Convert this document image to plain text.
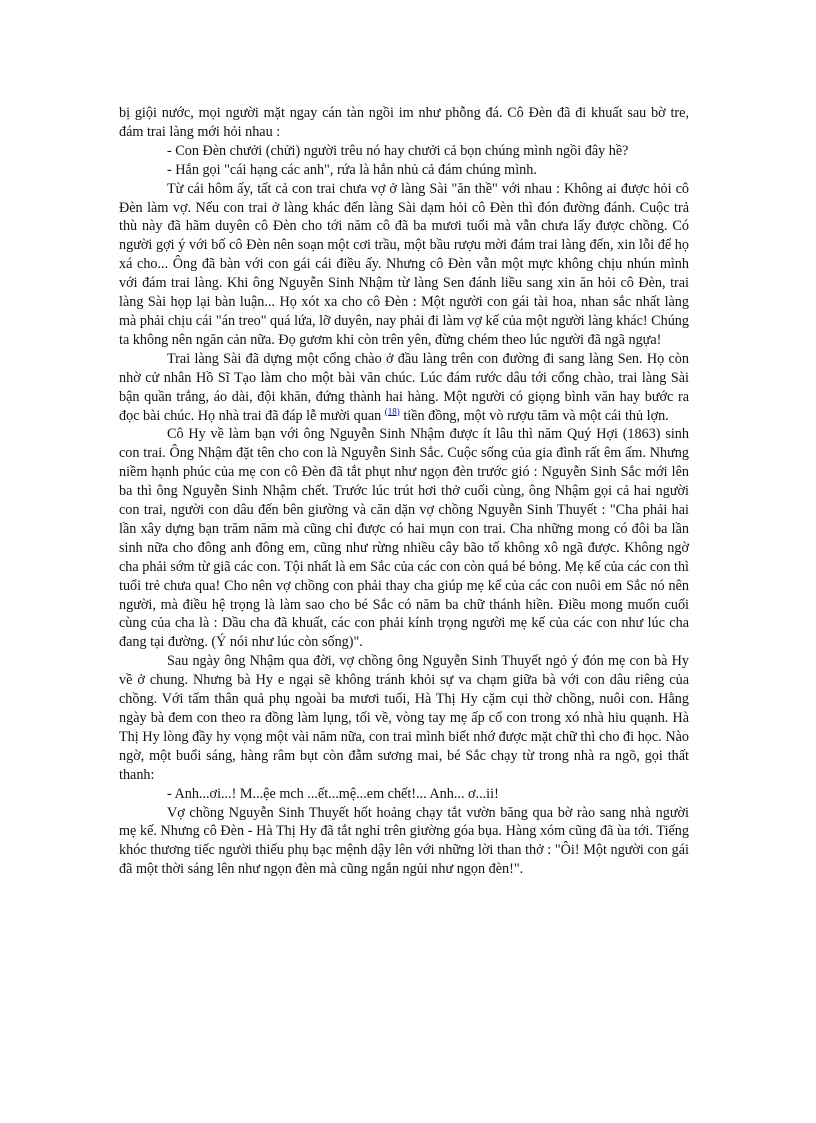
bị giội nước, mọi người mặt ngay cán tàn ngồi im như phỗng đá. Cô Đèn đã đi khuất sau bờ tre, đám trai làng mới hỏi nhau :

- Con Đèn chưởi (chửi) người trêu nó hay chưởi cả bọn chúng mình ngồi đây hề?

- Hắn gọi "cái hạng các anh", rứa là hắn nhủ cả đám chúng mình.

Từ cái hôm ấy, tất cả con trai chưa vợ ở làng Sài "ăn thề" với nhau : Không ai được hỏi cô Đèn làm vợ. Nếu con trai ở làng khác đến làng Sài dạm hỏi cô Đèn thì đón đường đánh. Cuộc trả thù này đã hãm duyên cô Đèn cho tới năm cô đã ba mươi tuổi mà vẫn chưa lấy được chồng. Có người gợi ý với bố cô Đèn nên soạn một cơi trầu, một bầu rượu mời đám trai làng đến, xin lỗi để họ xá cho... Ông đã bàn với con gái cái điều ấy. Nhưng cô Đèn vẫn một mực không chịu nhún mình với đám trai làng. Khi ông Nguyễn Sinh Nhậm từ làng Sen đánh liều sang xin ăn hỏi cô Đèn, trai làng Sài họp lại bàn luận... Họ xót xa cho cô Đèn : Một người con gái tài hoa, nhan sắc nhất làng mà phải chịu cái "án treo" quá lứa, lỡ duyên, nay phải đi làm vợ kế của một người làng khác! Chúng ta không nên ngăn cản nữa. Đọ gươm khi còn trên yên, đừng chém theo lúc người đã ngã ngựa!

Trai làng Sài đã dựng một cổng chào ở đầu làng trên con đường đi sang làng Sen. Họ còn nhờ cử nhân Hồ Sĩ Tạo làm cho một bài văn chúc. Lúc đám rước dâu tới cổng chào, trai làng Sài bận quần trắng, áo dài, đội khăn, đứng thành hai hàng. Một người có giọng bình văn hay bước ra đọc bài chúc. Họ nhà trai đã đáp lễ mười quan $^{(18)}$ tiền đồng, một vò rượu tăm và một cái thủ lợn.

Cô Hy về làm bạn với ông Nguyễn Sinh Nhậm được ít lâu thì năm Quý Hợi (1863) sinh con trai. Ông Nhậm đặt tên cho con là Nguyễn Sinh Sắc. Cuộc sống của gia đình rất êm ấm. Nhưng niềm hạnh phúc của mẹ con cô Đèn đã tắt phụt như ngọn đèn trước gió : Nguyễn Sinh Sắc mới lên ba thì ông Nguyễn Sinh Nhậm chết. Trước lúc trút hơi thở cuối cùng, ông Nhậm gọi cả hai người con trai, người con dâu đến bên giường và căn dặn vợ chồng Nguyễn Sinh Thuyết : "Cha phải hai lần xây dựng bạn trăm năm mà cũng chỉ được có hai mụn con trai. Cha những mong có đôi ba lần sinh nữa cho đông anh đông em, cũng như rừng nhiều cây bão tố không xô ngã được. Không ngờ cha phải sớm từ giã các con. Tội nhất là em Sắc của các con còn quá bé bỏng. Mẹ kế của các con thì tuổi trẻ chưa qua! Cho nên vợ chồng con phải thay cha giúp mẹ kế của các con nuôi em Sắc nó nên người, mà điều hệ trọng là làm sao cho bé Sắc có năm ba chữ thánh hiền. Điều mong muốn cuối cùng của cha là : Dầu cha đã khuất, các con phải kính trọng người mẹ kế của các con như lúc cha đang tại đường. (Ý nói như lúc còn sống)".

Sau ngày ông Nhậm qua đời, vợ chồng ông Nguyễn Sinh Thuyết ngỏ ý đón mẹ con bà Hy về ở chung. Nhưng bà Hy e ngại sẽ không tránh khỏi sự va chạm giữa bà với con dâu riêng của chồng. Với tấm thân quả phụ ngoài ba mươi tuổi, Hà Thị Hy cặm cụi thờ chồng, nuôi con. Hằng ngày bà đem con theo ra đồng làm lụng, tối về, vòng tay mẹ ấp cổ con trong xó nhà hiu quạnh. Hà Thị Hy lòng đầy hy vọng một vài năm nữa, con trai mình biết nhớ được mặt chữ thì cho đi học. Nào ngờ, một buổi sáng, hàng râm bụt còn đẫm sương mai, bé Sắc chạy từ trong nhà ra ngõ, gọi thất thanh:

- Anh...ơi...! M...ệe mch ...ết...mệ...em chết!... Anh... ơ...ii!

Vợ chồng Nguyễn Sinh Thuyết hốt hoảng chạy tắt vườn băng qua bờ rào sang nhà người mẹ kế. Nhưng cô Đèn - Hà Thị Hy đã tắt nghỉ trên giường góa bụa. Hàng xóm cũng đã ùa tới. Tiếng khóc thương tiếc người thiếu phụ bạc mệnh dậy lên với những lời than thở : "Ôi! Một người con gái đã một thời sáng lên như ngọn đèn mà cũng ngắn ngủi như ngọn đèn!".
